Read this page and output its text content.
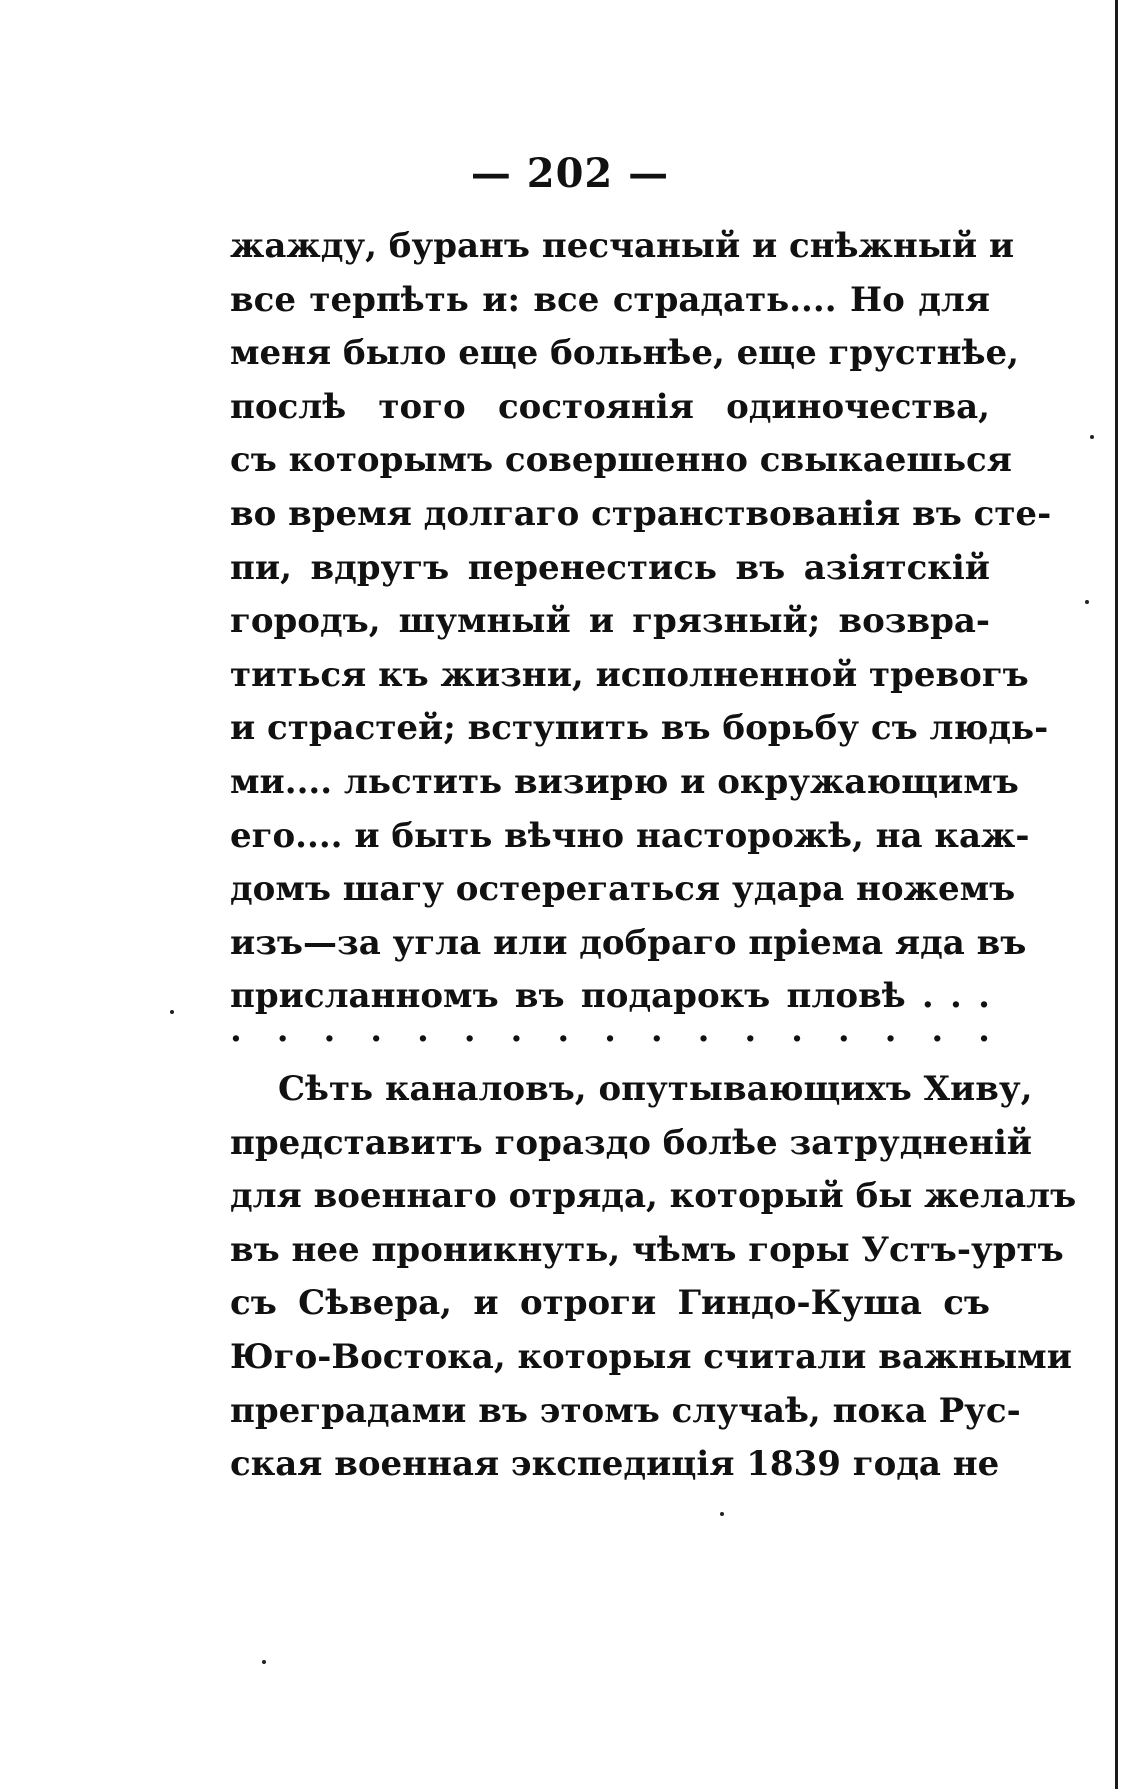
— 202 —
жажду, буранъ песчаный и снѣжный и
все терпѣть и: все страдать.... Но для
меня было еще больнѣе, еще грустнѣе,
послѣ того состоянія одиночества,
съ которымъ совершенно свыкаешься
во время долгаго странствованія въ сте-
пи, вдругъ перенестись въ азіятскій
городъ, шумный и грязный; возвра-
титься къ жизни, исполненной тревогъ
и страстей; вступить въ борьбу съ людь-
ми.... льстить визирю и окружающимъ
его.... и быть вѣчно насторожѣ, на каж-
домъ шагу остерегаться удара ножемъ
изъ—за угла или добраго пріема яда въ
присланномъ въ подарокъ пловѣ . . .
. . . . . . . . . . . . . . . . .
Сѣть каналовъ, опутывающихъ Хиву,
представитъ гораздо болѣе затрудненій
для военнаго отряда, который бы желалъ
въ нее проникнуть, чѣмъ горы Устъ-уртъ
съ Сѣвера, и отроги Гиндо-Куша съ
Юго-Востока, которыя считали важными
преградами въ этомъ случаѣ, пока Рус-
ская военная экспедиція 1839 года не
